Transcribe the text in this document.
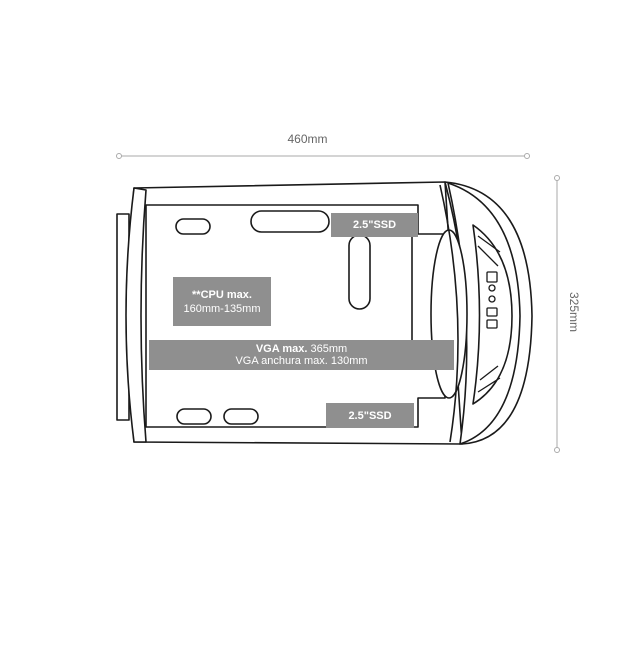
460mm
325mm
2.5"SSD
**CPU max.
160mm-135mm
VGA max. 365mm
VGA anchura max. 130mm
2.5"SSD
